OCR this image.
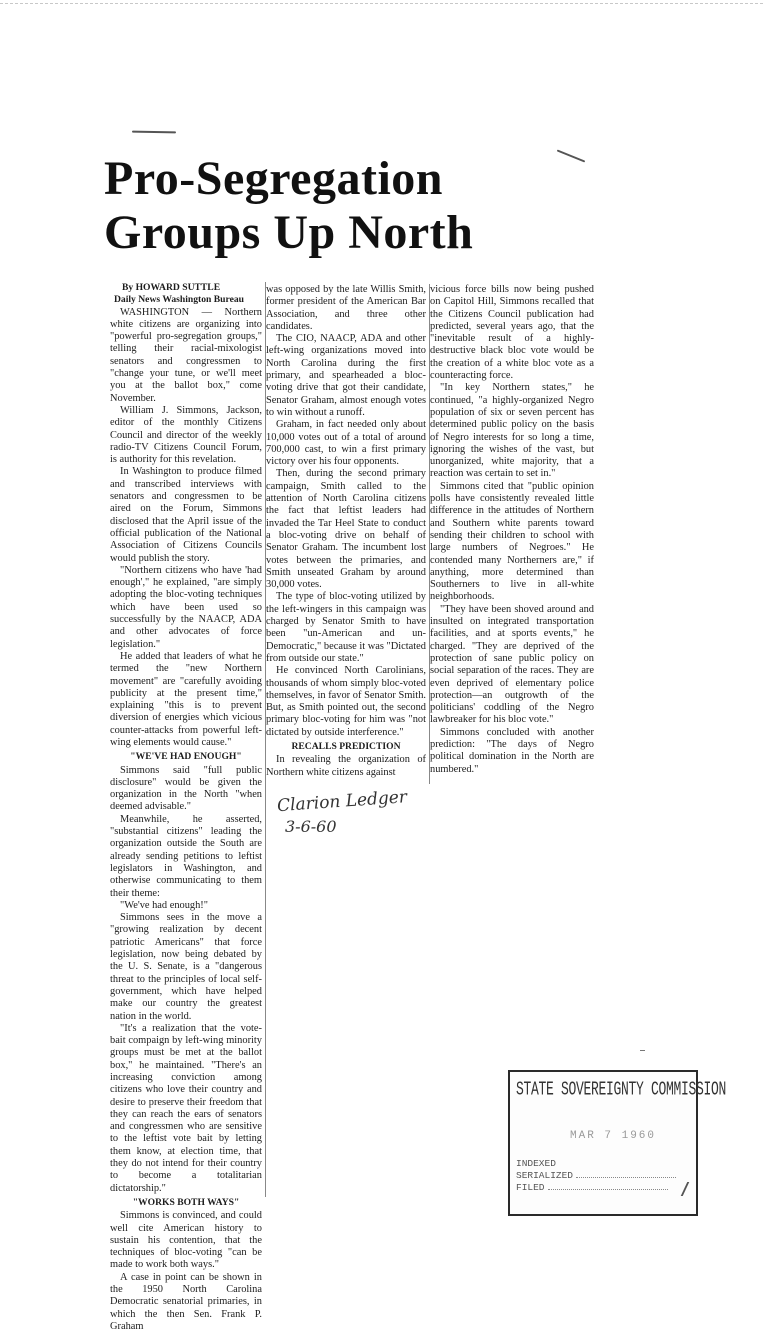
Pro-Segregation
Groups Up North

By HOWARD SUTTLE

Daily News Washington Bureau

WASHINGTON — Northern white citizens are organizing into "powerful pro-segregation groups," telling their racial-mixologist senators and congressmen to "change your tune, or we'll meet you at the ballot box," come November.

William J. Simmons, Jackson, editor of the monthly Citizens Council and director of the weekly radio-TV Citizens Council Forum, is authority for this revelation.

In Washington to produce filmed and transcribed interviews with senators and congressmen to be aired on the Forum, Simmons disclosed that the April issue of the official publication of the National Association of Citizens Councils would publish the story.

"Northern citizens who have 'had enough'," he explained, "are simply adopting the bloc-voting techniques which have been used so successfully by the NAACP, ADA and other advocates of force legislation."

He added that leaders of what he termed the "new Northern movement" are "carefully avoiding publicity at the present time," explaining "this is to prevent diversion of energies which vicious counter-attacks from powerful left-wing elements would cause."

"WE'VE HAD ENOUGH"

Simmons said "full public disclosure" would be given the organization in the North "when deemed advisable."

Meanwhile, he asserted, "substantial citizens" leading the organization outside the South are already sending petitions to leftist legislators in Washington, and otherwise communicating to them their theme:

"We've had enough!"

Simmons sees in the move a "growing realization by decent patriotic Americans" that force legislation, now being debated by the U. S. Senate, is a "dangerous threat to the principles of local self-government, which have helped make our country the greatest nation in the world.

"It's a realization that the vote-bait compaign by left-wing minority groups must be met at the ballot box," he maintained. "There's an increasing conviction among citizens who love their country and desire to preserve their freedom that they can reach the ears of senators and congressmen who are sensitive to the leftist vote bait by letting them know, at election time, that they do not intend for their country to become a totalitarian dictatorship."

"WORKS BOTH WAYS"

Simmons is convinced, and could well cite American history to sustain his contention, that the techniques of bloc-voting "can be made to work both ways."

A case in point can be shown in the 1950 North Carolina Democratic senatorial primaries, in which the then Sen. Frank P. Graham

was opposed by the late Willis Smith, former president of the American Bar Association, and three other candidates.

The CIO, NAACP, ADA and other left-wing organizations moved into North Carolina during the first primary, and spearheaded a bloc-voting drive that got their candidate, Senator Graham, almost enough votes to win without a runoff.

Graham, in fact needed only about 10,000 votes out of a total of around 700,000 cast, to win a first primary victory over his four opponents.

Then, during the second primary campaign, Smith called to the attention of North Carolina citizens the fact that leftist leaders had invaded the Tar Heel State to conduct a bloc-voting drive on behalf of Senator Graham. The incumbent lost votes between the primaries, and Smith unseated Graham by around 30,000 votes.

The type of bloc-voting utilized by the left-wingers in this campaign was charged by Senator Smith to have been "un-American and un-Democratic," because it was "Dictated from outside our state."

He convinced North Carolinians, thousands of whom simply bloc-voted themselves, in favor of Senator Smith. But, as Smith pointed out, the second primary bloc-voting for him was "not dictated by outside interference."

RECALLS PREDICTION

In revealing the organization of Northern white citizens against

vicious force bills now being pushed on Capitol Hill, Simmons recalled that the Citizens Council publication had predicted, several years ago, that the "inevitable result of a highly-destructive black bloc vote would be the creation of a white bloc vote as a counteracting force.

"In key Northern states," he continued, "a highly-organized Negro population of six or seven percent has determined public policy on the basis of Negro interests for so long a time, ignoring the wishes of the vast, but unorganized, white majority, that a reaction was certain to set in."

Simmons cited that "public opinion polls have consistently revealed little difference in the attitudes of Northern and Southern white parents toward sending their children to school with large numbers of Negroes." He contended many Northerners are," if anything, more determined than Southerners to live in all-white neighborhoods.

"They have been shoved around and insulted on integrated transportation facilities, and at sports events," he charged. "They are deprived of the protection of sane public policy on social separation of the races. They are even deprived of elementary police protection—an outgrowth of the politicians' coddling of the Negro lawbreaker for his bloc vote."

Simmons concluded with another prediction: "The days of Negro political domination in the North are numbered."

Clarion Ledger
3-6-60
STATE SOVEREIGNTY COMMISSION
MAR 7 1960
INDEXED
SERIALIZED
FILED
